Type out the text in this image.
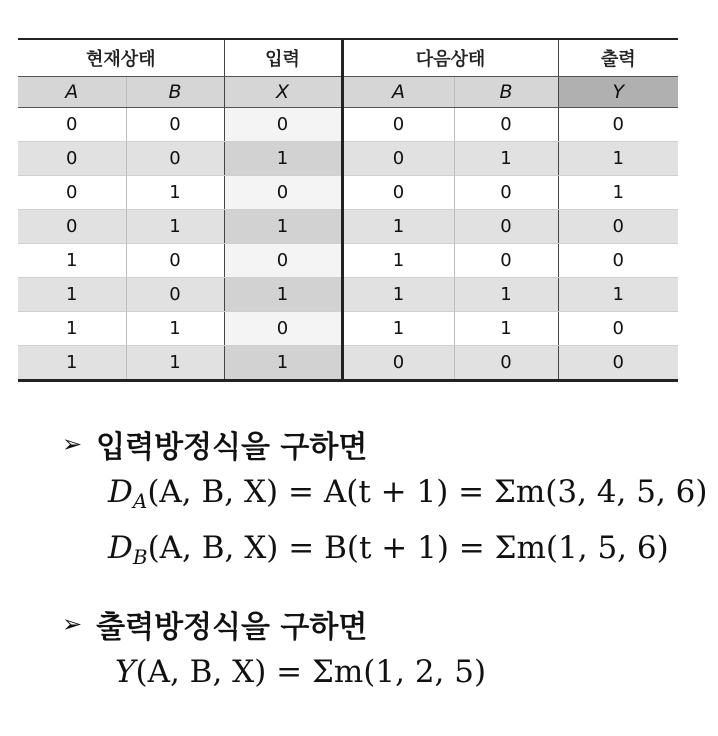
현재상태		입력	다음상태		출력
A	B	X	A	B	Y
0	0	0	0	0	0
0	0	1	0	1	1
0	1	0	0	0	1
0	1	1	1	0	0
1	0	0	1	0	0
1	0	1	1	1	1
1	1	0	1	1	0
1	1	1	0	0	0
➢ 입력방정식을 구하면
$D_A(A$, B, X) = A(t + 1) = Σm(3, 4, 5, 6)
$D_B(A$, B, X) = B(t + 1) = Σm(1, 5, 6)
➢ 출력방정식을 구하면
Y(A, B, X) = Σm(1, 2, 5)
